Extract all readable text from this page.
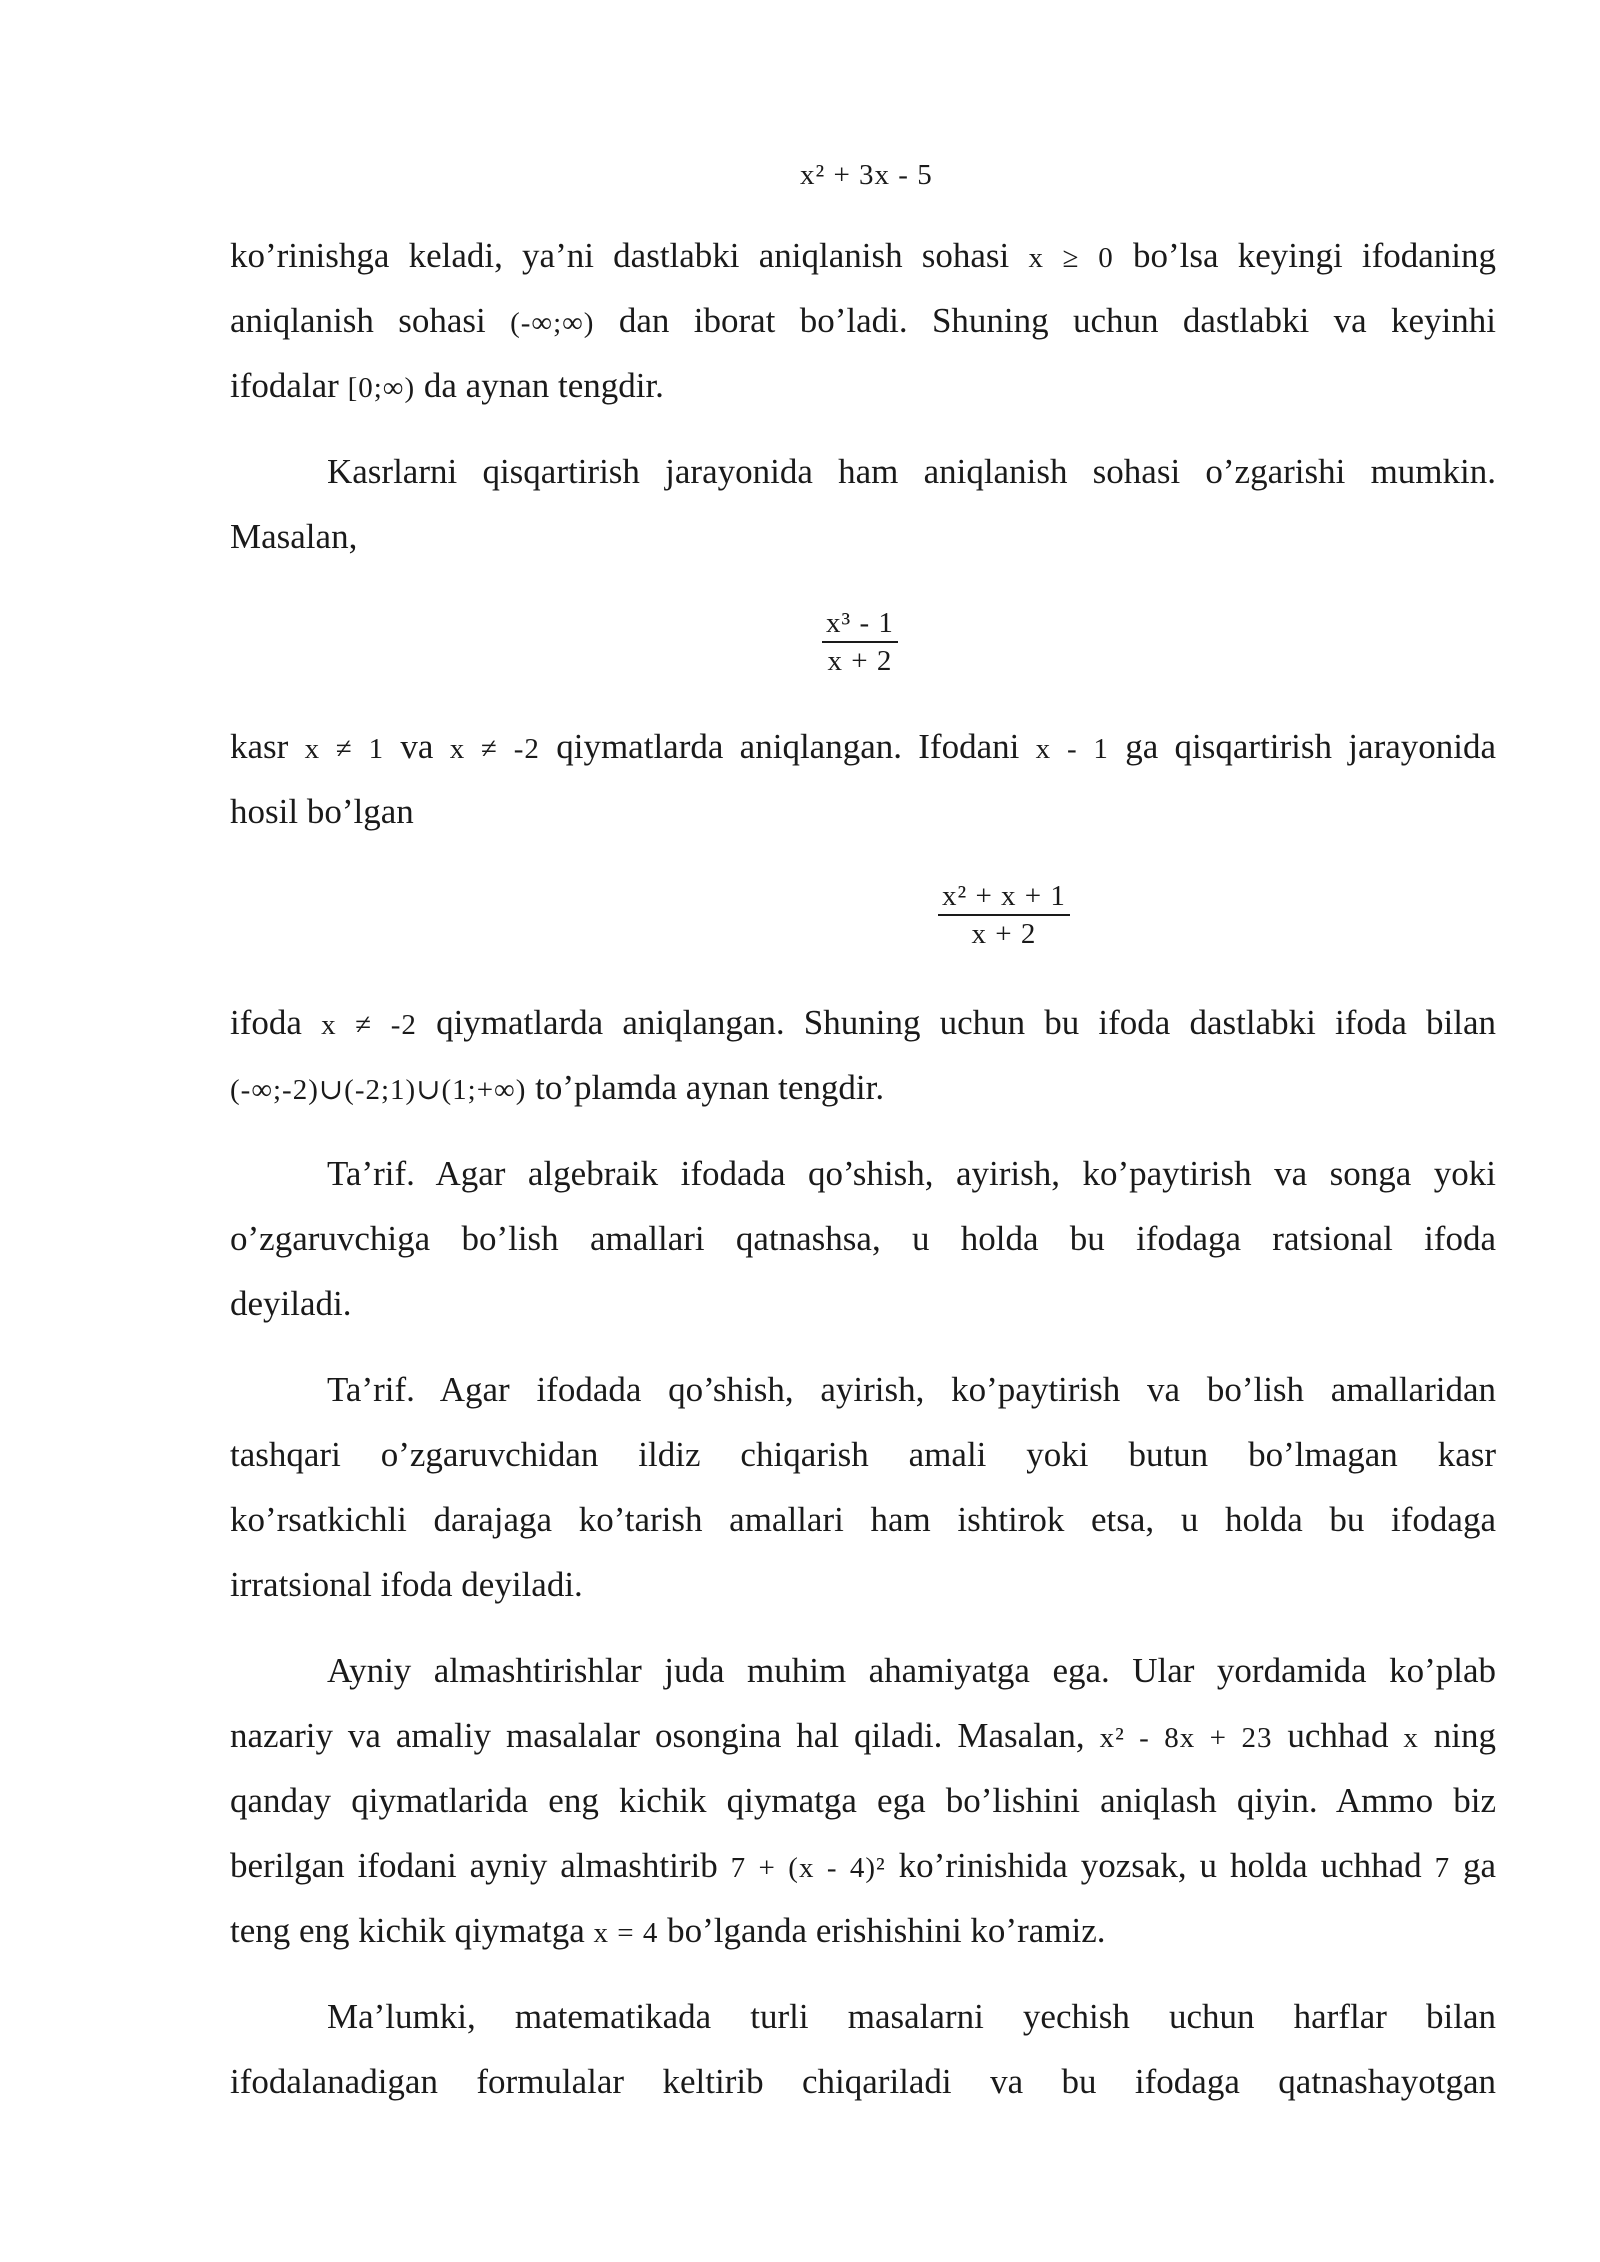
x² + 3x - 5
ko’rinishga keladi, ya’ni dastlabki aniqlanish sohasi x ≥ 0 bo’lsa keyingi ifodaning
aniqlanish sohasi (-∞;∞) dan iborat bo’ladi. Shuning uchun dastlabki va keyinhi
ifodalar [0;∞) da aynan tengdir.
Kasrlarni qisqartirish jarayonida ham aniqlanish sohasi o’zgarishi mumkin.
Masalan,
$\frac{\text{x³ - 1}}{x + 2}$
kasr x ≠ 1 va x ≠ -2 qiymatlarda aniqlangan. Ifodani x - 1 ga qisqartirish jarayonida
hosil bo’lgan
$\frac{\text{x² + x + 1}}{x + 2}$
ifoda x ≠ -2 qiymatlarda aniqlangan. Shuning uchun bu ifoda dastlabki ifoda bilan
(-∞;-2)∪(-2;1)∪(1;+∞) to’plamda aynan tengdir.
Ta’rif. Agar algebraik ifodada qo’shish, ayirish, ko’paytirish va songa yoki
o’zgaruvchiga bo’lish amallari qatnashsa, u holda bu ifodaga ratsional ifoda
deyiladi.
Ta’rif. Agar ifodada qo’shish, ayirish, ko’paytirish va bo’lish amallaridan
tashqari o’zgaruvchidan ildiz chiqarish amali yoki butun bo’lmagan kasr
ko’rsatkichli darajaga ko’tarish amallari ham ishtirok etsa, u holda bu ifodaga
irratsional ifoda deyiladi.
Ayniy almashtirishlar juda muhim ahamiyatga ega. Ular yordamida ko’plab
nazariy va amaliy masalalar osongina hal qiladi. Masalan, x² - 8x + 23 uchhad x ning
qanday qiymatlarida eng kichik qiymatga ega bo’lishini aniqlash qiyin. Ammo biz
berilgan ifodani ayniy almashtirib 7 + (x - 4)² ko’rinishida yozsak, u holda uchhad 7 ga
teng eng kichik qiymatga x = 4 bo’lganda erishishini ko’ramiz.
Ma’lumki, matematikada turli masalarni yechish uchun harflar bilan
ifodalanadigan formulalar keltirib chiqariladi va bu ifodaga qatnashayotgan
